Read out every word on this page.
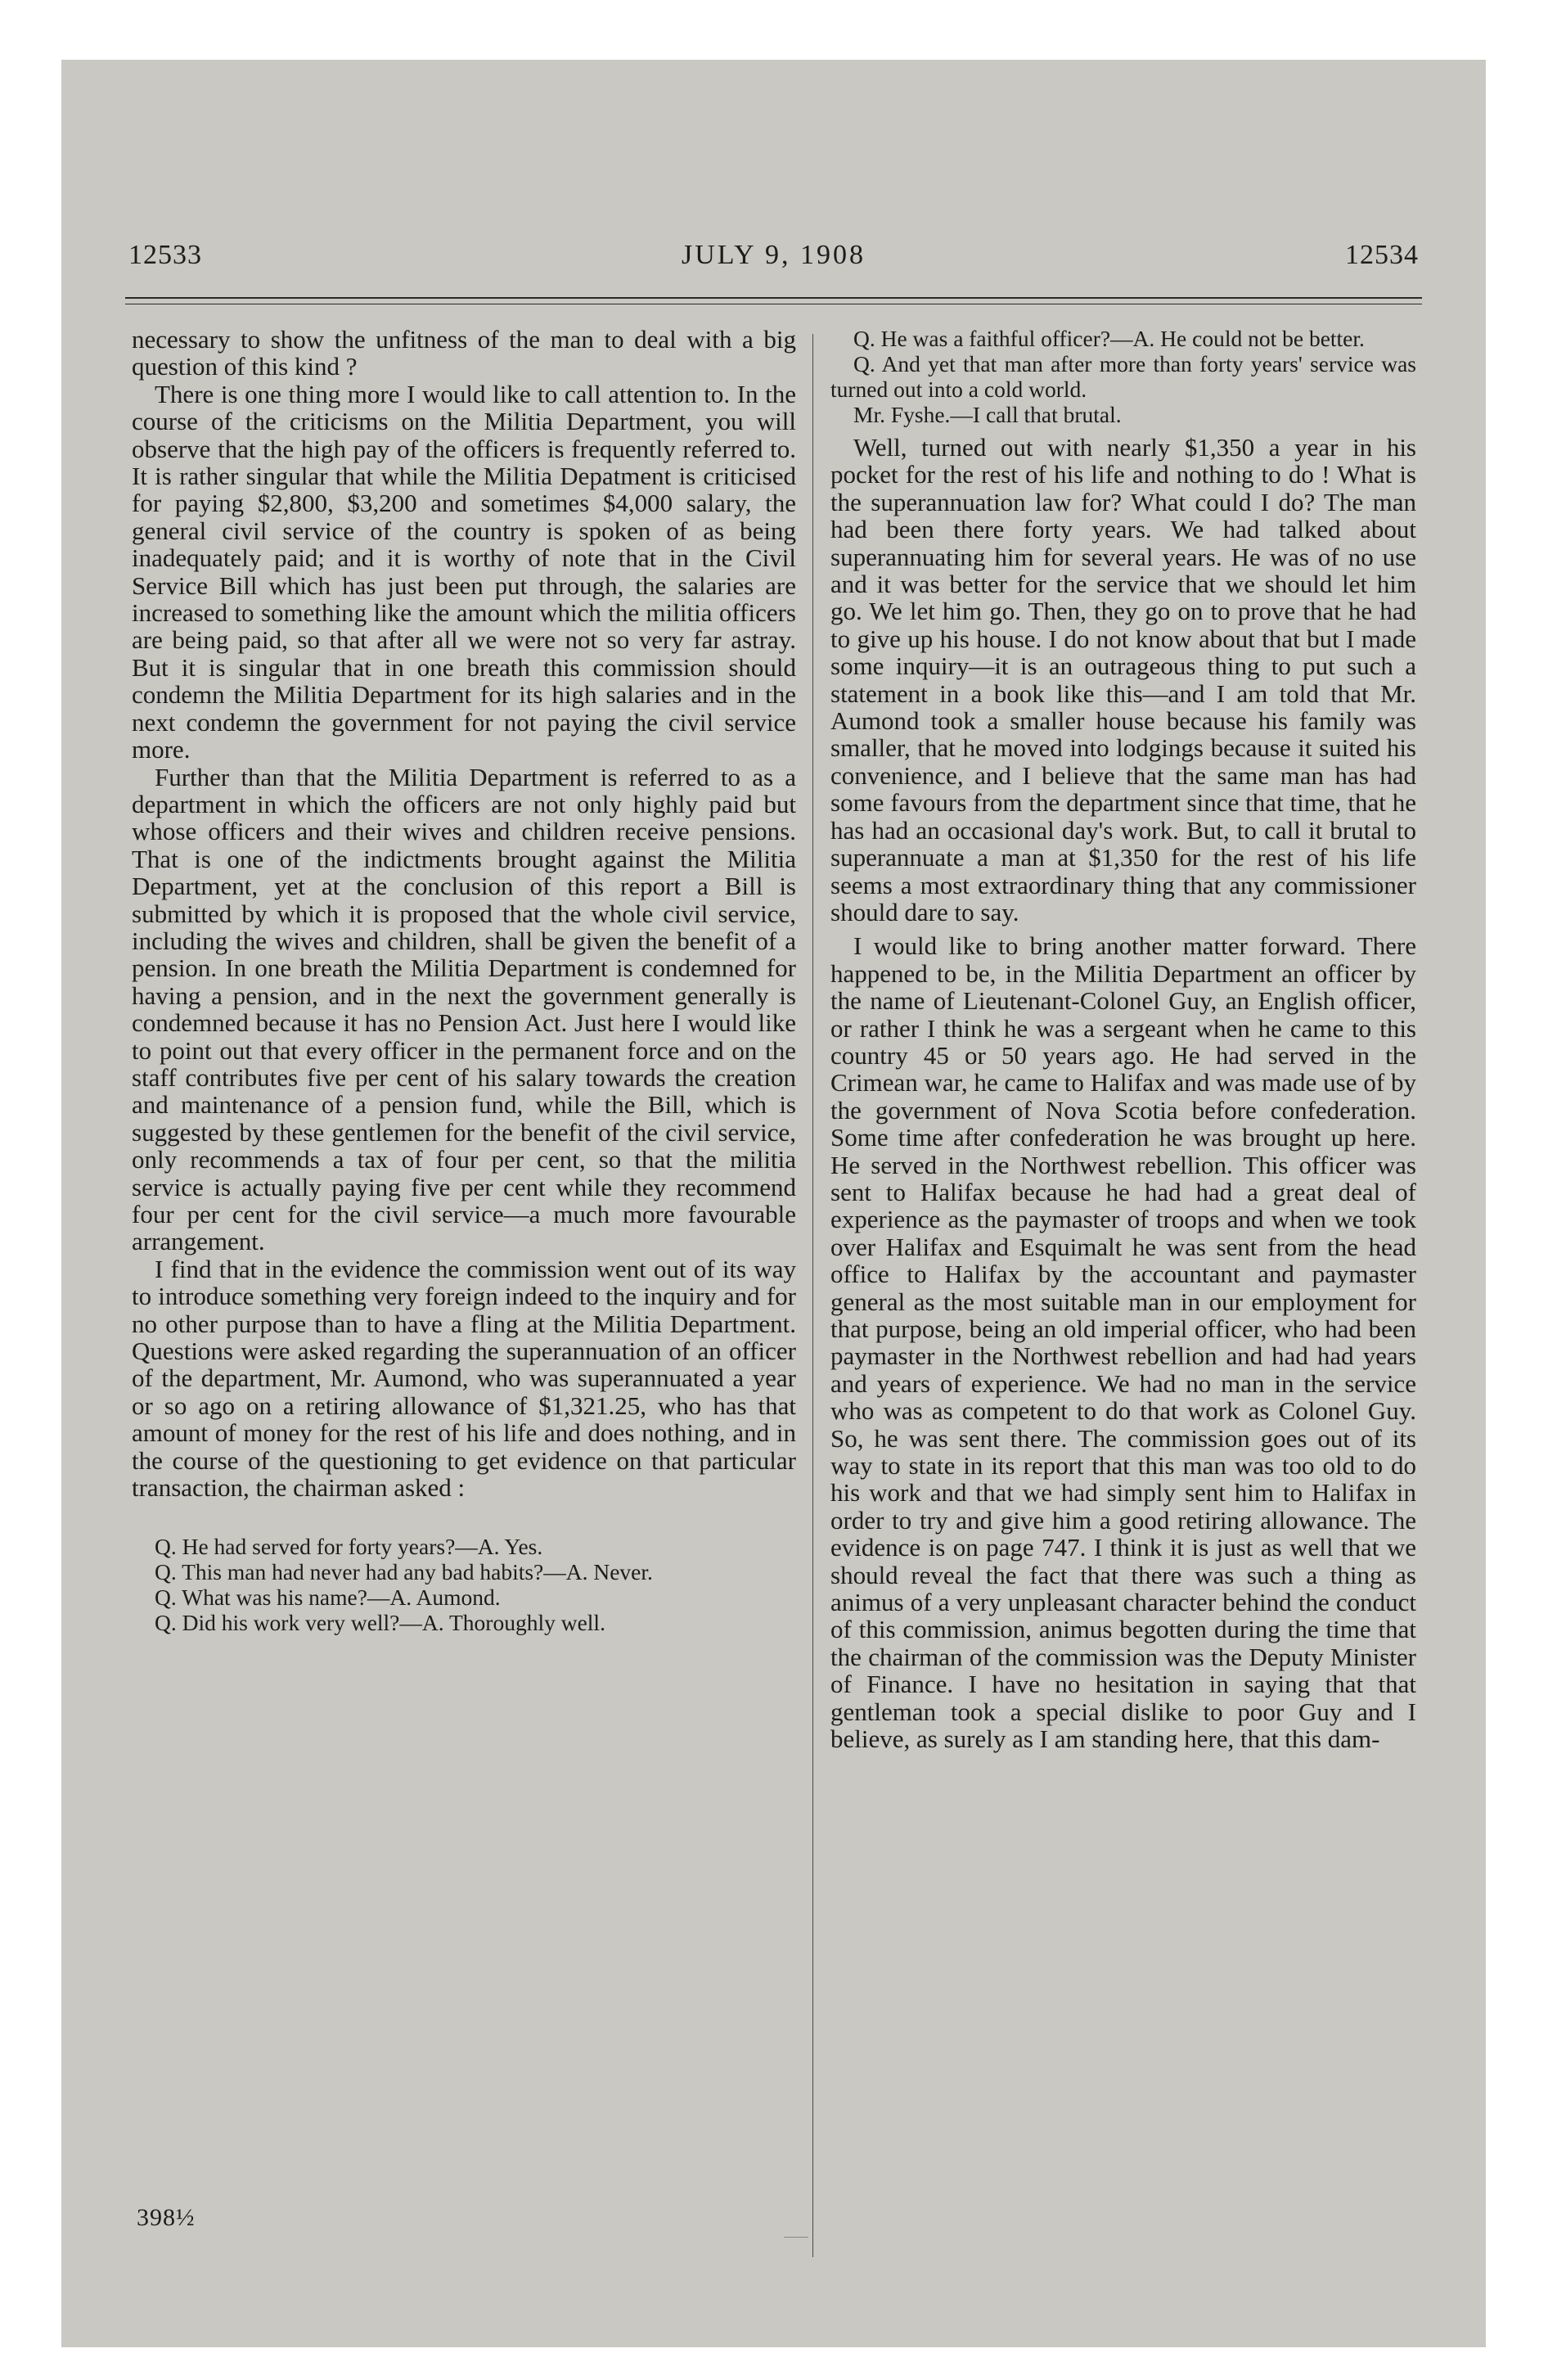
12533	JULY 9, 1908	12534

necessary to show the unfitness of the man to deal with a big question of this kind ?

There is one thing more I would like to call attention to. In the course of the criticisms on the Militia Department, you will observe that the high pay of the officers is frequently referred to. It is rather singular that while the Militia Depatment is criticised for paying $2,800, $3,200 and sometimes $4,000 salary, the general civil service of the country is spoken of as being inadequately paid; and it is worthy of note that in the Civil Service Bill which has just been put through, the salaries are increased to something like the amount which the militia officers are being paid, so that after all we were not so very far astray. But it is singular that in one breath this commission should condemn the Militia Department for its high salaries and in the next condemn the government for not paying the civil service more.

Further than that the Militia Department is referred to as a department in which the officers are not only highly paid but whose officers and their wives and children receive pensions. That is one of the indictments brought against the Militia Department, yet at the conclusion of this report a Bill is submitted by which it is proposed that the whole civil service, including the wives and children, shall be given the benefit of a pension. In one breath the Militia Department is condemned for having a pension, and in the next the government generally is condemned because it has no Pension Act. Just here I would like to point out that every officer in the permanent force and on the staff contributes five per cent of his salary towards the creation and maintenance of a pension fund, while the Bill, which is suggested by these gentlemen for the benefit of the civil service, only recommends a tax of four per cent, so that the militia service is actually paying five per cent while they recommend four per cent for the civil service—a much more favourable arrangement.

I find that in the evidence the commission went out of its way to introduce something very foreign indeed to the inquiry and for no other purpose than to have a fling at the Militia Department. Questions were asked regarding the superannuation of an officer of the department, Mr. Aumond, who was superannuated a year or so ago on a retiring allowance of $1,321.25, who has that amount of money for the rest of his life and does nothing, and in the course of the questioning to get evidence on that particular transaction, the chairman asked :

Q. He had served for forty years?—A. Yes.

Q. This man had never had any bad habits?—A. Never.

Q. What was his name?—A. Aumond.

Q. Did his work very well?—A. Thoroughly well.

Q. He was a faithful officer?—A. He could not be better.

Q. And yet that man after more than forty years' service was turned out into a cold world.

Mr. Fyshe.—I call that brutal.

Well, turned out with nearly $1,350 a year in his pocket for the rest of his life and nothing to do ! What is the superannuation law for? What could I do? The man had been there forty years. We had talked about superannuating him for several years. He was of no use and it was better for the service that we should let him go. We let him go. Then, they go on to prove that he had to give up his house. I do not know about that but I made some inquiry—it is an outrageous thing to put such a statement in a book like this—and I am told that Mr. Aumond took a smaller house because his family was smaller, that he moved into lodgings because it suited his convenience, and I believe that the same man has had some favours from the department since that time, that he has had an occasional day's work. But, to call it brutal to superannuate a man at $1,350 for the rest of his life seems a most extraordinary thing that any commissioner should dare to say.

I would like to bring another matter forward. There happened to be, in the Militia Department an officer by the name of Lieutenant-Colonel Guy, an English officer, or rather I think he was a sergeant when he came to this country 45 or 50 years ago. He had served in the Crimean war, he came to Halifax and was made use of by the government of Nova Scotia before confederation. Some time after confederation he was brought up here. He served in the Northwest rebellion. This officer was sent to Halifax because he had had a great deal of experience as the paymaster of troops and when we took over Halifax and Esquimalt he was sent from the head office to Halifax by the accountant and paymaster general as the most suitable man in our employment for that purpose, being an old imperial officer, who had been paymaster in the Northwest rebellion and had had years and years of experience. We had no man in the service who was as competent to do that work as Colonel Guy. So, he was sent there. The commission goes out of its way to state in its report that this man was too old to do his work and that we had simply sent him to Halifax in order to try and give him a good retiring allowance. The evidence is on page 747. I think it is just as well that we should reveal the fact that there was such a thing as animus of a very unpleasant character behind the conduct of this commission, animus begotten during the time that the chairman of the commission was the Deputy Minister of Finance. I have no hesitation in saying that that gentleman took a special dislike to poor Guy and I believe, as surely as I am standing here, that this dam-

398½
